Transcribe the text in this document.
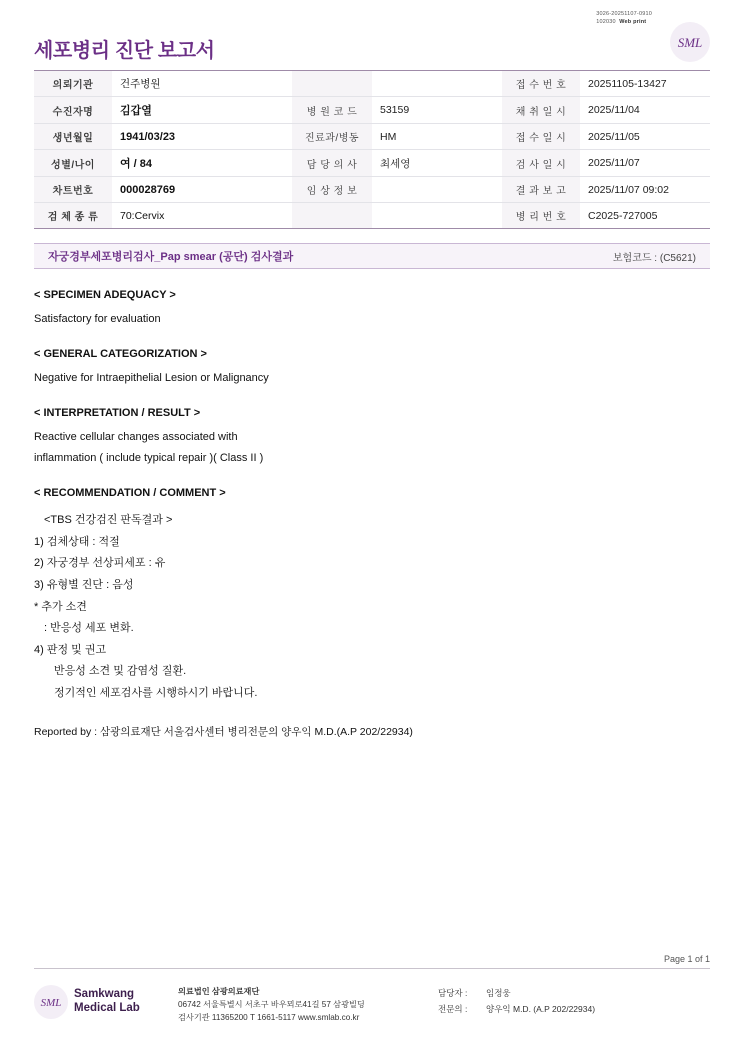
세포병리 진단 보고서
3026-20251107-0910
102030 Web print
SML
의뢰기관	건주병원			접 수 번 호	20251105-13427
수진자명	김갑열	병 원 코 드	53159	채 취 일 시	2025/11/04
생년월일	1941/03/23	진료과/병동	HM	접 수 일 시	2025/11/05
성별/나이	여 / 84	담 당 의 사	최세영	검 사 일 시	2025/11/07
차트번호	000028769	임 상 정 보		결 과 보 고	2025/11/07 09:02
검 체 종 류	70:Cervix			병 리 번 호	C2025-727005
자궁경부세포병리검사_Pap smear (공단) 검사결과	보험코드 : (C5621)
< SPECIMEN ADEQUACY >

Satisfactory for evaluation

< GENERAL CATEGORIZATION >

Negative for Intraepithelial Lesion or Malignancy

< INTERPRETATION / RESULT >

Reactive cellular changes associated with

inflammation ( include typical repair )( Class II )

< RECOMMENDATION / COMMENT >
<TBS 건강검진 판독결과 >
1) 검체상태 : 적절
2) 자궁경부 선상피세포 : 유
3) 유형별 진단 : 음성
* 추가 소견
: 반응성 세포 변화.
4) 판정 및 권고
반응성 소견 및 감염성 질환.
정기적인 세포검사를 시행하시기 바랍니다.
Reported by : 삼광의료재단 서울검사센터 병리전문의 양우익 M.D.(A.P 202/22934)
Page 1 of 1
SML
Samkwang
Medical Lab
의료법인 삼광의료재단
06742 서울특별시 서초구 바우뫼로41길 57 삼광빌딩
검사기관 11365200 T 1661-5117 www.smlab.co.kr
담당자 : 임정웅
전문의 : 양우익 M.D. (A.P 202/22934)
